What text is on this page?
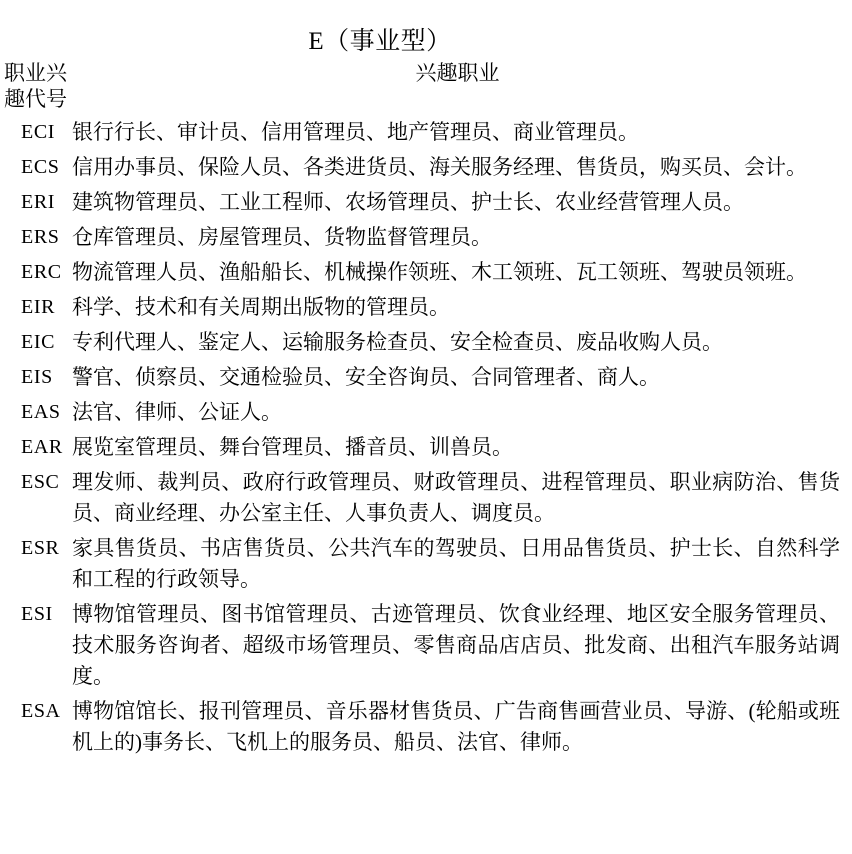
E（事业型）
职业兴
趣代号
兴趣职业
ECI 银行行长、审计员、信用管理员、地产管理员、商业管理员。
ECS 信用办事员、保险人员、各类进货员、海关服务经理、售货员，购买员、会计。
ERI 建筑物管理员、工业工程师、农场管理员、护士长、农业经营管理人员。
ERS 仓库管理员、房屋管理员、货物监督管理员。
ERC 物流管理人员、渔船船长、机械操作领班、木工领班、瓦工领班、驾驶员领班。
EIR 科学、技术和有关周期出版物的管理员。
EIC 专利代理人、鉴定人、运输服务检查员、安全检查员、废品收购人员。
EIS 警官、侦察员、交通检验员、安全咨询员、合同管理者、商人。
EAS 法官、律师、公证人。
EAR 展览室管理员、舞台管理员、播音员、训兽员。
ESC 理发师、裁判员、政府行政管理员、财政管理员、进程管理员、职业病防治、售货员、商业经理、办公室主任、人事负责人、调度员。
ESR 家具售货员、书店售货员、公共汽车的驾驶员、日用品售货员、护士长、自然科学和工程的行政领导。
ESI 博物馆管理员、图书馆管理员、古迹管理员、饮食业经理、地区安全服务管理员、技术服务咨询者、超级市场管理员、零售商品店店员、批发商、出租汽车服务站调度。
ESA 博物馆馆长、报刊管理员、音乐器材售货员、广告商售画营业员、导游、(轮船或班机上的)事务长、飞机上的服务员、船员、法官、律师。
